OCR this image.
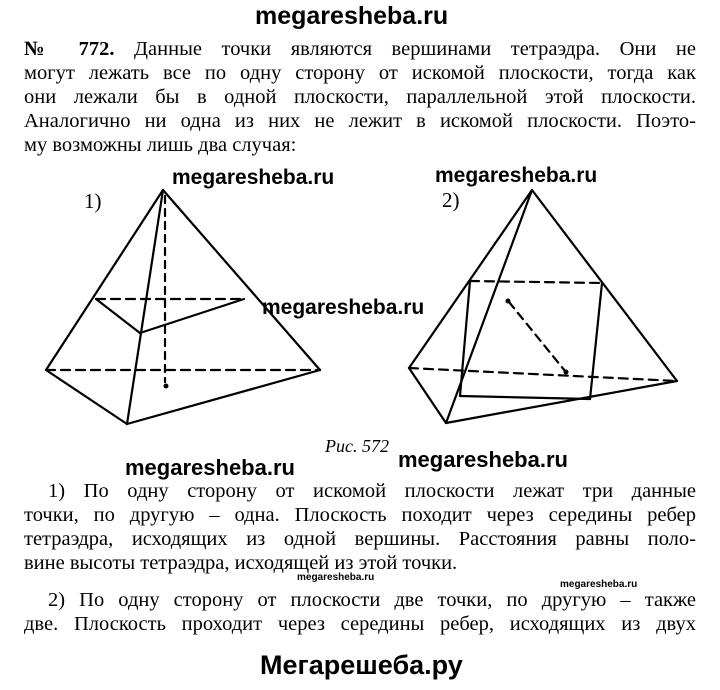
megaresheba.ru

№ 772. Данные точки являются вершинами тетраэдра. Они не
могут лежать все по одну сторону от искомой плоскости, тогда как
они лежали бы в одной плоскости, параллельной этой плоскости.
Аналогично ни одна из них не лежит в искомой плоскости. Поэто-
му возможны лишь два случая:

1)	2)
megaresheba.ru
megaresheba.ru
megaresheba.ru
Рис. 572
megaresheba.ru	megaresheba.ru

1) По одну сторону от искомой плоскости лежат три данные
точки, по другую – одна. Плоскость походит через середины ребер
тетраэдра, исходящих из одной вершины. Расстояния равны поло-
вине высоты тетраэдра, исходящей из этой точки.

megaresheba.ru
megaresheba.ru

2) По одну сторону от плоскости две точки, по другую – также
две. Плоскость проходит через середины ребер, исходящих из двух

Мегарешеба.ру
